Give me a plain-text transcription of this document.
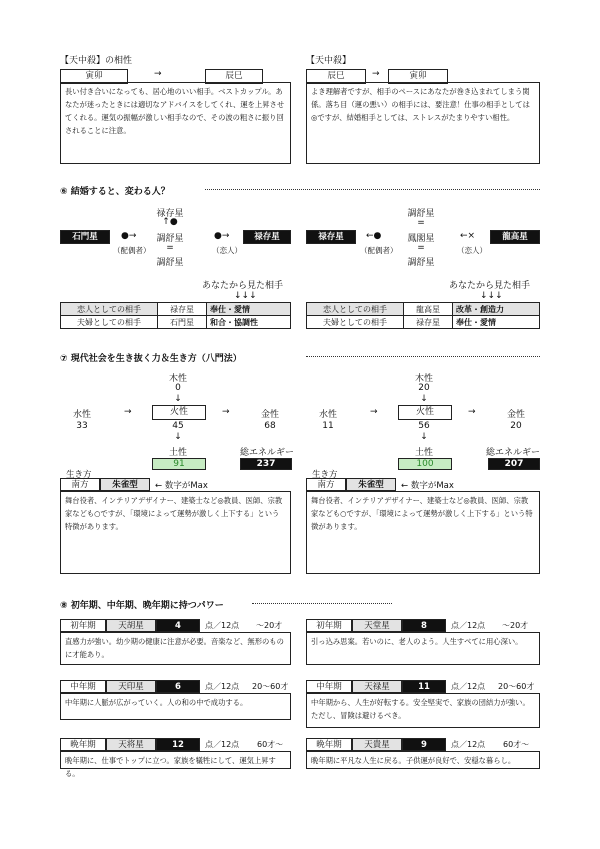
【天中殺】の相性
寅卯	→	辰巳
長い付き合いになっても、居心地のいい相手。ベストカップル。あなたが迷ったときには適切なアドバイスをしてくれ、運を上昇させてくれる。運気の振幅が激しい相手なので、その波の粗さに振り回されることに注意。
【天中殺】
辰巳	→	寅卯
よき理解者ですが、相手のペースにあなたが巻き込まれてしまう関係。落ち目（運の悪い）の相手には、要注意！仕事の相手としては◎ですが、結婚相手としては、ストレスがたまりやすい相性。
⑥ 結婚すると、変わる人？
禄存星
↑●
調舒星
=
調舒星
石門星	●→
（配偶者）
●→
（恋人）
禄存星
あなたから見た相手
↓↓↓
恋人としての相手	禄存星	奉仕・愛情
夫婦としての相手	石門星	和合・協調性
調舒星
=
鳳閣星
=
調舒星
禄存星	←●
（配偶者）
←×
（恋人）
龍高星
あなたから見た相手
↓↓↓
恋人としての相手	龍高星	改革・創造力
夫婦としての相手	禄存星	奉仕・愛情
⑦ 現代社会を生き抜く力＆生き方（八門法）
木性
0
↓
水性
33
→	火性
45
→	金性
68
↓
土性
91
総エネルギー
237
生き方
南方	朱雀型	← 数字がMax
舞台役者、インテリアデザイナー、建築士など◎教員、医師、宗教家なども○ですが、「環境によって運勢が激しく上下する」という特徴があります。
木性
20
↓
水性
11
→	火性
56
→	金性
20
↓
土性
100
総エネルギー
207
生き方
南方	朱雀型	← 数字がMax
舞台役者、インテリアデザイナー、建築士など◎教員、医師、宗教家なども○ですが、「環境によって運勢が激しく上下する」という特徴があります。
⑧ 初年期、中年期、晩年期に持つパワー
初年期	天胡星	4	点／12点 ～20才
直感力が強い。幼少期の健康に注意が必要。音楽など、無形のものに才能あり。
中年期	天印星	6	点／12点 20～60才
中年期に人脈が広がっていく。人の和の中で成功する。
晩年期	天将星	12	点／12点 60才～
晩年期に、仕事でトップに立つ。家族を犠牲にして、運気上昇する。
初年期	天堂星	8	点／12点 ～20才
引っ込み思案。若いのに、老人のよう。人生すべてに用心深い。
中年期	天禄星	11	点／12点 20～60才
中年期から、人生が好転する。安全堅実で、家族の団結力が強い。ただし、冒険は避けるべき。
晩年期	天貴星	9	点／12点 60才～
晩年期に平凡な人生に戻る。子供運が良好で、安穏な暮らし。
